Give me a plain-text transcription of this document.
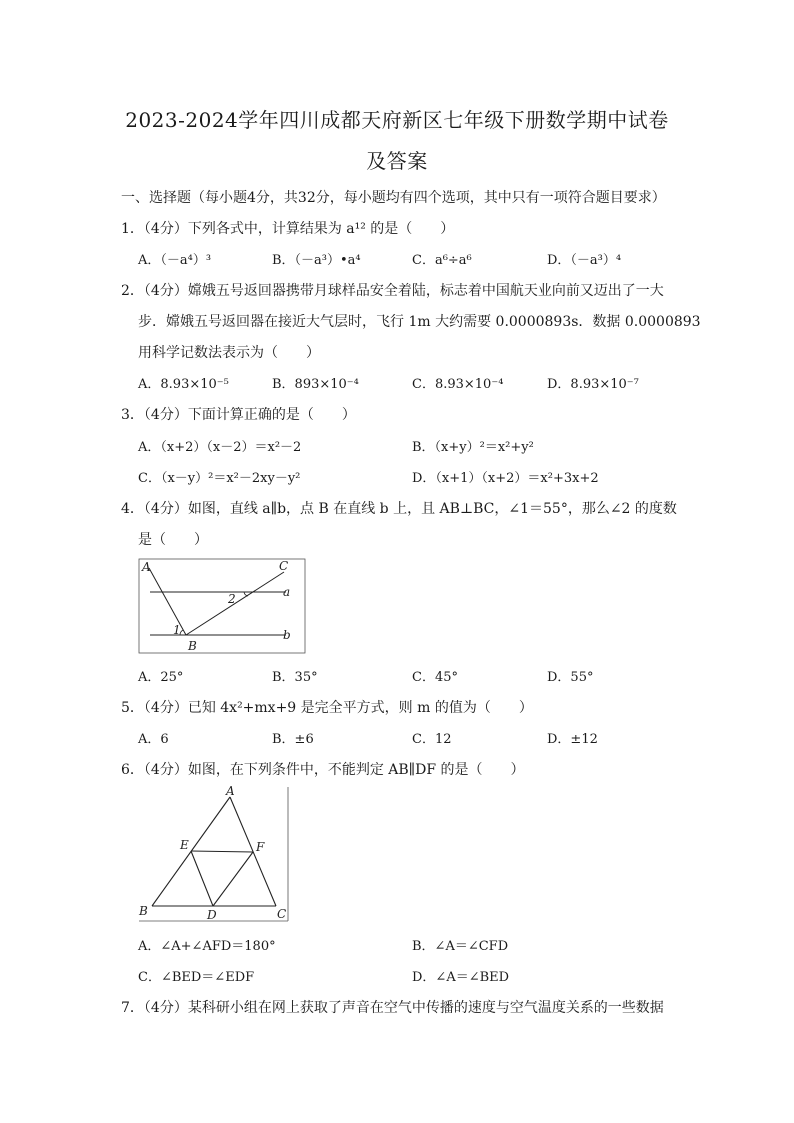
2023-2024学年四川成都天府新区七年级下册数学期中试卷
及答案
一、选择题（每小题4分，共32分，每小题均有四个选项，其中只有一项符合题目要求）
1．（4分）下列各式中，计算结果为 a¹² 的是（　　）
A．（－a⁴）³	B．（－a³）•a⁴	C．a⁶÷a⁶	D．（－a³）⁴
2．（4分）嫦娥五号返回器携带月球样品安全着陆，标志着中国航天业向前又迈出了一大
步．嫦娥五号返回器在接近大气层时，飞行 1m 大约需要 0.0000893s．数据 0.0000893
用科学记数法表示为（　　）
A．8.93×10⁻⁵	B．893×10⁻⁴	C．8.93×10⁻⁴	D．8.93×10⁻⁷
3．（4分）下面计算正确的是（　　）
A．（x+2）（x－2）＝x²－2	B．（x+y）²＝x²+y²
C．（x－y）²＝x²－2xy－y²	D．（x+1）（x+2）＝x²+3x+2
4．（4分）如图，直线 a∥b，点 B 在直线 b 上，且 AB⊥BC，∠1＝55°，那么∠2 的度数
是（　　）
A	C
a
2
1
B
b
A．25°	B．35°	C．45°	D．55°
5．（4分）已知 4x²+mx+9 是完全平方式，则 m 的值为（　　）
A．6	B．±6	C．12	D．±12
6．（4分）如图，在下列条件中，不能判定 AB∥DF 的是（　　）
A
E	F
B	D	C
A．∠A+∠AFD＝180°	B．∠A＝∠CFD
C．∠BED＝∠EDF	D．∠A＝∠BED
7．（4分）某科研小组在网上获取了声音在空气中传播的速度与空气温度关系的一些数据
